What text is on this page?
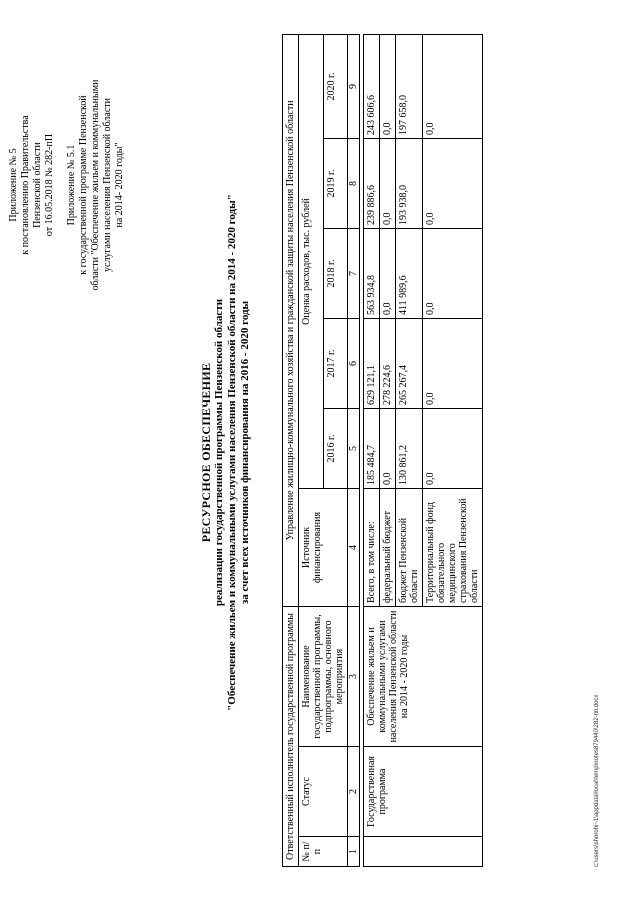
Приложение № 5 к постановлению Правительства Пензенской области от 16.05.2018 № 282-пП Приложение № 5.1 к государственной программе Пензенской области "Обеспечение жильем и коммунальными услугами населения Пензенской области на 2014- 2020 годы"
РЕСУРСНОЕ ОБЕСПЕЧЕНИЕ реализации государственной программы Пензенской области "Обеспечение жильем и коммунальными услугами населения Пензенской области на 2014 - 2020 годы" за счет всех источников финансирования на 2016 - 2020 годы
Ответственный исполнитель государственной программы			Управление жилищно-коммунального хозяйства и гражданской защиты населения Пензенской области					
№ п/п	Статус	Наименование государственной программы, подпрограммы, основного мероприятия	Источник финансирования	Оценка расходов, тыс. рублей				
				2016 г.	2017 г.	2018 г.	2019 г.	2020 г.
1	2	3	4	5	6	7	8	9

	Государственная программа	Обеспечение жильем и коммунальными услугами населения Пензенской области на 2014 - 2020 годы	Всего, в том числе:	185 484,7	629 121,1	563 934,8	239 886,6	243 606,6
			федеральный бюджет	0,0	278 224,6	0,0	0,0	0,0
			бюджет Пензенской области	130 861,2	265 267,4	411 989,6	193 938,0	197 658,0
			Территориальный фонд обязательного медицинского страхования Пензенской области	0,0	0,0	0,0	0,0	0,0
c:\users\shorohi~1\appdata\local\temp\notes879440\282-пп.docx
